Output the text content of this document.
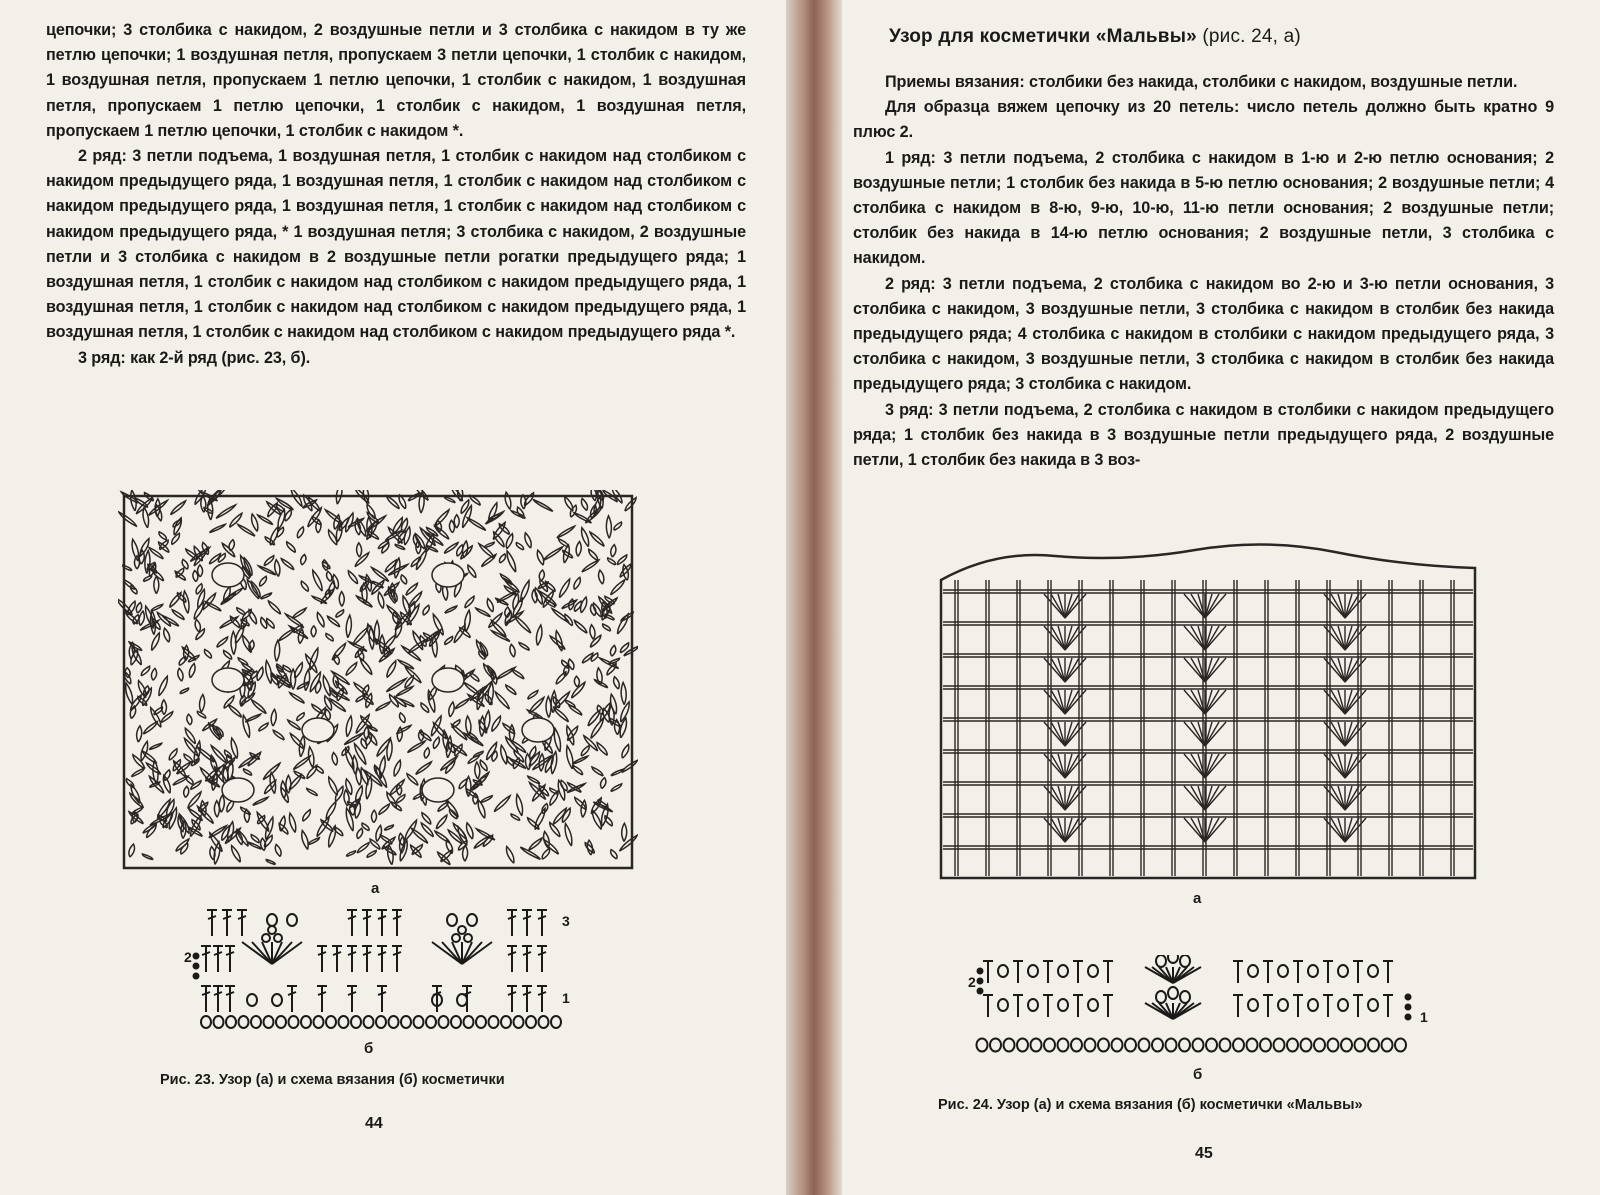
цепочки; 3 столбика с накидом, 2 воздушные петли и 3 столбика с накидом в ту же петлю цепочки; 1 воздушная петля, пропускаем 3 петли цепочки, 1 столбик с накидом, 1 воздушная петля, пропускаем 1 петлю цепочки, 1 столбик с накидом, 1 воздушная петля, пропускаем 1 петлю цепочки, 1 столбик с накидом, 1 воздушная петля, пропускаем 1 петлю цепочки, 1 столбик с накидом *.

2 ряд: 3 петли подъема, 1 воздушная петля, 1 столбик с накидом над столбиком с накидом предыдущего ряда, 1 воздушная петля, 1 столбик с накидом над столбиком с накидом предыдущего ряда, 1 воздушная петля, 1 столбик с накидом над столбиком с накидом предыдущего ряда, * 1 воздушная петля; 3 столбика с накидом, 2 воздушные петли и 3 столбика с накидом в 2 воздушные петли рогатки предыдущего ряда; 1 воздушная петля, 1 столбик с накидом над столбиком с накидом предыдущего ряда, 1 воздушная петля, 1 столбик с накидом над столбиком с накидом предыдущего ряда, 1 воздушная петля, 1 столбик с накидом над столбиком с накидом предыдущего ряда *.

3 ряд: как 2-й ряд (рис. 23, б).

а
3
2
1
б
Рис. 23. Узор (а) и схема вязания (б) косметички
44
Узор для косметички «Мальвы» (рис. 24, а)

Приемы вязания: столбики без накида, столбики с накидом, воздушные петли.

Для образца вяжем цепочку из 20 петель: число петель должно быть кратно 9 плюс 2.

1 ряд: 3 петли подъема, 2 столбика с накидом в 1-ю и 2-ю петлю основания; 2 воздушные петли; 1 столбик без накида в 5-ю петлю основания; 2 воздушные петли; 4 столбика с накидом в 8-ю, 9-ю, 10-ю, 11-ю петли основания; 2 воздушные петли; столбик без накида в 14-ю петлю основания; 2 воздушные петли, 3 столбика с накидом.

2 ряд: 3 петли подъема, 2 столбика с накидом во 2-ю и 3-ю петли основания, 3 столбика с накидом, 3 воздушные петли, 3 столбика с накидом в столбик без накида предыдущего ряда; 4 столбика с накидом в столбики с накидом предыдущего ряда, 3 столбика с накидом, 3 воздушные петли, 3 столбика с накидом в столбик без накида предыдущего ряда; 3 столбика с накидом.

3 ряд: 3 петли подъема, 2 столбика с накидом в столбики с накидом предыдущего ряда; 1 столбик без накида в 3 воздушные петли предыдущего ряда, 2 воздушные петли, 1 столбик без накида в 3 воз-

а
2
1
б
Рис. 24. Узор (а) и схема вязания (б) косметички «Мальвы»
45
